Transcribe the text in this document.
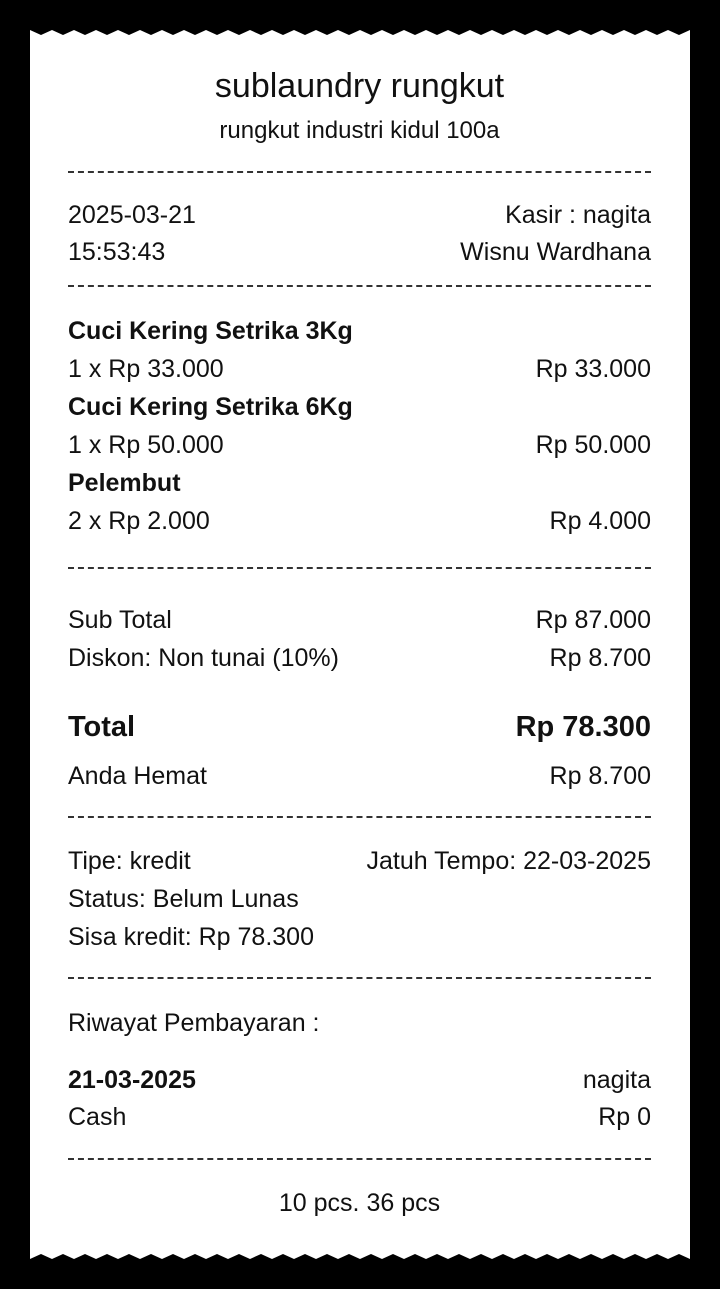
sublaundry rungkut
rungkut industri kidul 100a
2025-03-21	Kasir : nagita
15:53:43	Wisnu Wardhana
Cuci Kering Setrika 3Kg
1 x Rp 33.000	Rp 33.000
Cuci Kering Setrika 6Kg
1 x Rp 50.000	Rp 50.000
Pelembut
2 x Rp 2.000	Rp 4.000
Sub Total	Rp 87.000
Diskon: Non tunai (10%)	Rp 8.700
Total	Rp 78.300
Anda Hemat	Rp 8.700
Tipe: kredit	Jatuh Tempo: 22-03-2025
Status: Belum Lunas
Sisa kredit: Rp 78.300
Riwayat Pembayaran :
21-03-2025	nagita
Cash	Rp 0
10 pcs. 36 pcs
